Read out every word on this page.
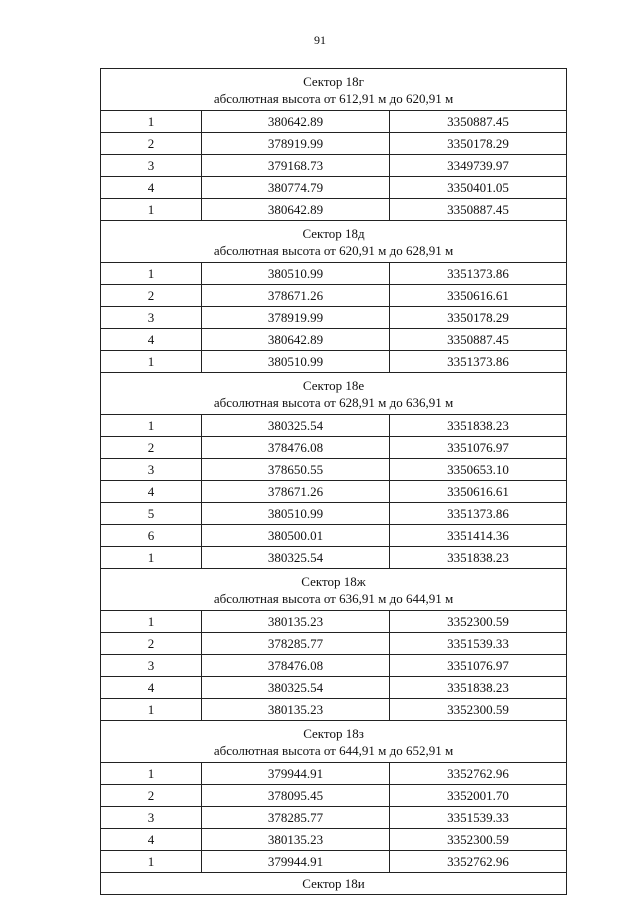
91
Сектор 18г
абсолютная высота от 612,91 м до 620,91 м		

1	380642.89	3350887.45
2	378919.99	3350178.29
3	379168.73	3349739.97
4	380774.79	3350401.05
1	380642.89	3350887.45

Сектор 18д
абсолютная высота от 620,91 м до 628,91 м		

1	380510.99	3351373.86
2	378671.26	3350616.61
3	378919.99	3350178.29
4	380642.89	3350887.45
1	380510.99	3351373.86

Сектор 18е
абсолютная высота от 628,91 м до 636,91 м		

1	380325.54	3351838.23
2	378476.08	3351076.97
3	378650.55	3350653.10
4	378671.26	3350616.61
5	380510.99	3351373.86
6	380500.01	3351414.36
1	380325.54	3351838.23

Сектор 18ж
абсолютная высота от 636,91 м до 644,91 м		

1	380135.23	3352300.59
2	378285.77	3351539.33
3	378476.08	3351076.97
4	380325.54	3351838.23
1	380135.23	3352300.59

Сектор 18з
абсолютная высота от 644,91 м до 652,91 м		

1	379944.91	3352762.96
2	378095.45	3352001.70
3	378285.77	3351539.33
4	380135.23	3352300.59
1	379944.91	3352762.96

Сектор 18и		
